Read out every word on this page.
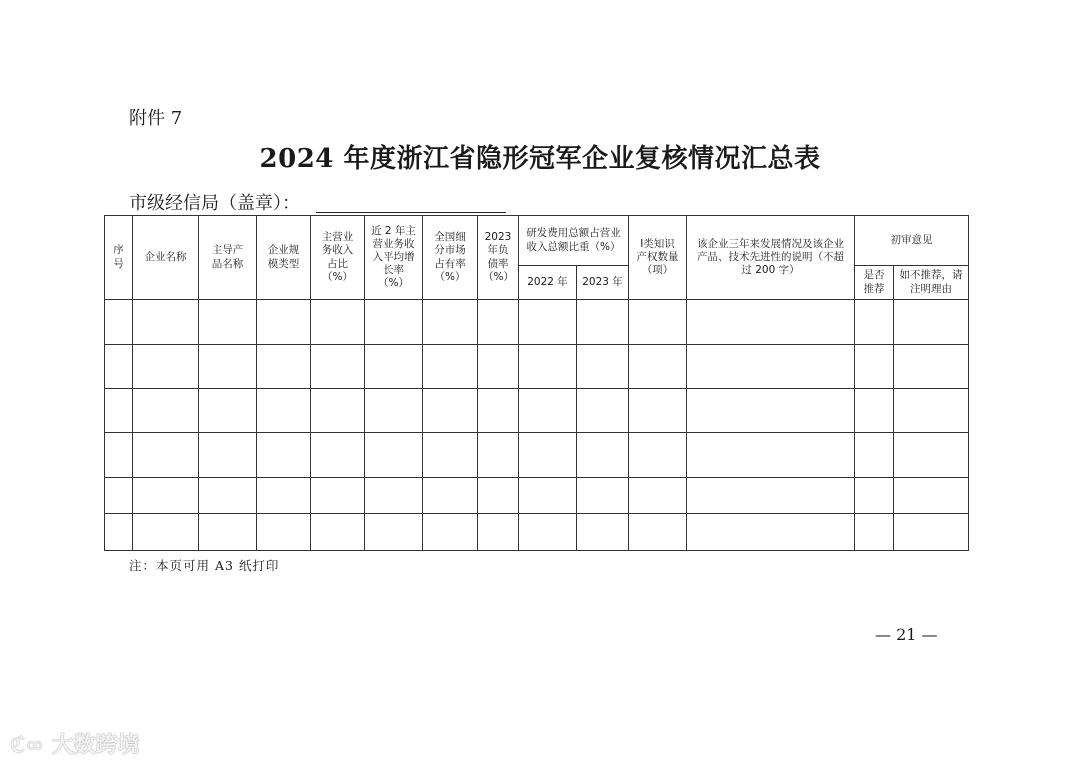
附件 7
2024 年度浙江省隐形冠军企业复核情况汇总表
市级经信局（盖章）：
序号	企业名称	主导产品名称	企业规模类型	主营业务收入占比（%）	近 2 年主营业务收入平均增长率（%）	全国细分市场占有率（%）	2023 年负债率（%）	研发费用总额占营业收入总额比重（%）		I类知识产权数量（项）	该企业三年来发展情况及该企业产品、技术先进性的说明（不超过 200 字）	初审意见	
								2022 年	2023 年			是否推荐	如不推荐，请注明理由

注：本页可用 A3 纸打印
— 21 —
ℭ∞ 大数跨境
